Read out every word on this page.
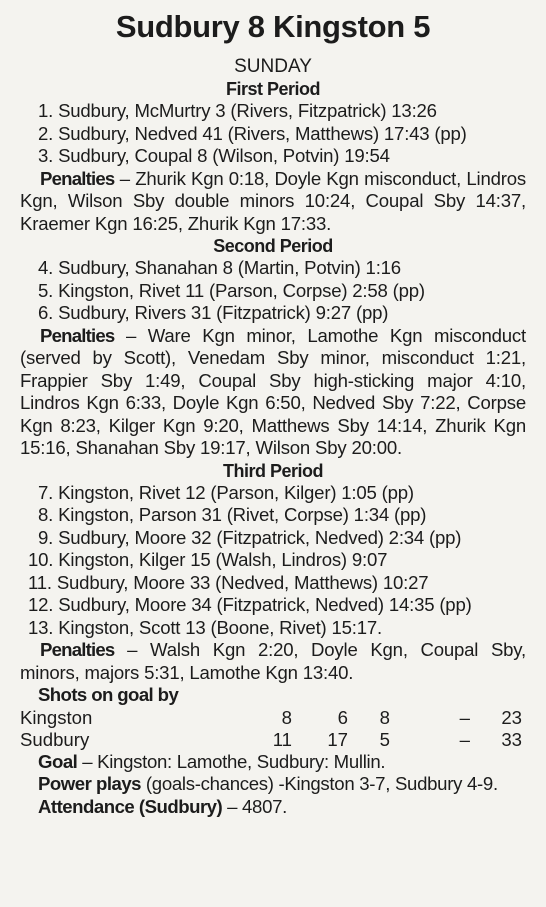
Sudbury 8 Kingston 5
SUNDAY
First Period
1. Sudbury, McMurtry 3 (Rivers, Fitzpatrick) 13:26
2. Sudbury, Nedved 41 (Rivers, Matthews) 17:43 (pp)
3. Sudbury, Coupal 8 (Wilson, Potvin) 19:54
Penalties – Zhurik Kgn 0:18, Doyle Kgn misconduct, Lindros Kgn, Wilson Sby double minors 10:24, Coupal Sby 14:37, Kraemer Kgn 16:25, Zhurik Kgn 17:33.
Second Period
4. Sudbury, Shanahan 8 (Martin, Potvin) 1:16
5. Kingston, Rivet 11 (Parson, Corpse) 2:58 (pp)
6. Sudbury, Rivers 31 (Fitzpatrick) 9:27 (pp)
Penalties – Ware Kgn minor, Lamothe Kgn misconduct (served by Scott), Venedam Sby minor, misconduct 1:21, Frappier Sby 1:49, Coupal Sby high-sticking major 4:10, Lindros Kgn 6:33, Doyle Kgn 6:50, Nedved Sby 7:22, Corpse Kgn 8:23, Kilger Kgn 9:20, Matthews Sby 14:14, Zhurik Kgn 15:16, Shanahan Sby 19:17, Wilson Sby 20:00.
Third Period
7. Kingston, Rivet 12 (Parson, Kilger) 1:05 (pp)
8. Kingston, Parson 31 (Rivet, Corpse) 1:34 (pp)
9. Sudbury, Moore 32 (Fitzpatrick, Nedved) 2:34 (pp)
10. Kingston, Kilger 15 (Walsh, Lindros) 9:07
11. Sudbury, Moore 33 (Nedved, Matthews) 10:27
12. Sudbury, Moore 34 (Fitzpatrick, Nedved) 14:35 (pp)
13. Kingston, Scott 13 (Boone, Rivet) 15:17.
Penalties – Walsh Kgn 2:20, Doyle Kgn, Coupal Sby, minors, majors 5:31, Lamothe Kgn 13:40.
Shots on goal by
Kingston	8	6	8	–	23
Sudbury	11	17	5	–	33
Goal – Kingston: Lamothe, Sudbury: Mullin.
Power plays (goals-chances) -Kingston 3-7, Sudbury 4-9.
Attendance (Sudbury) – 4807.
